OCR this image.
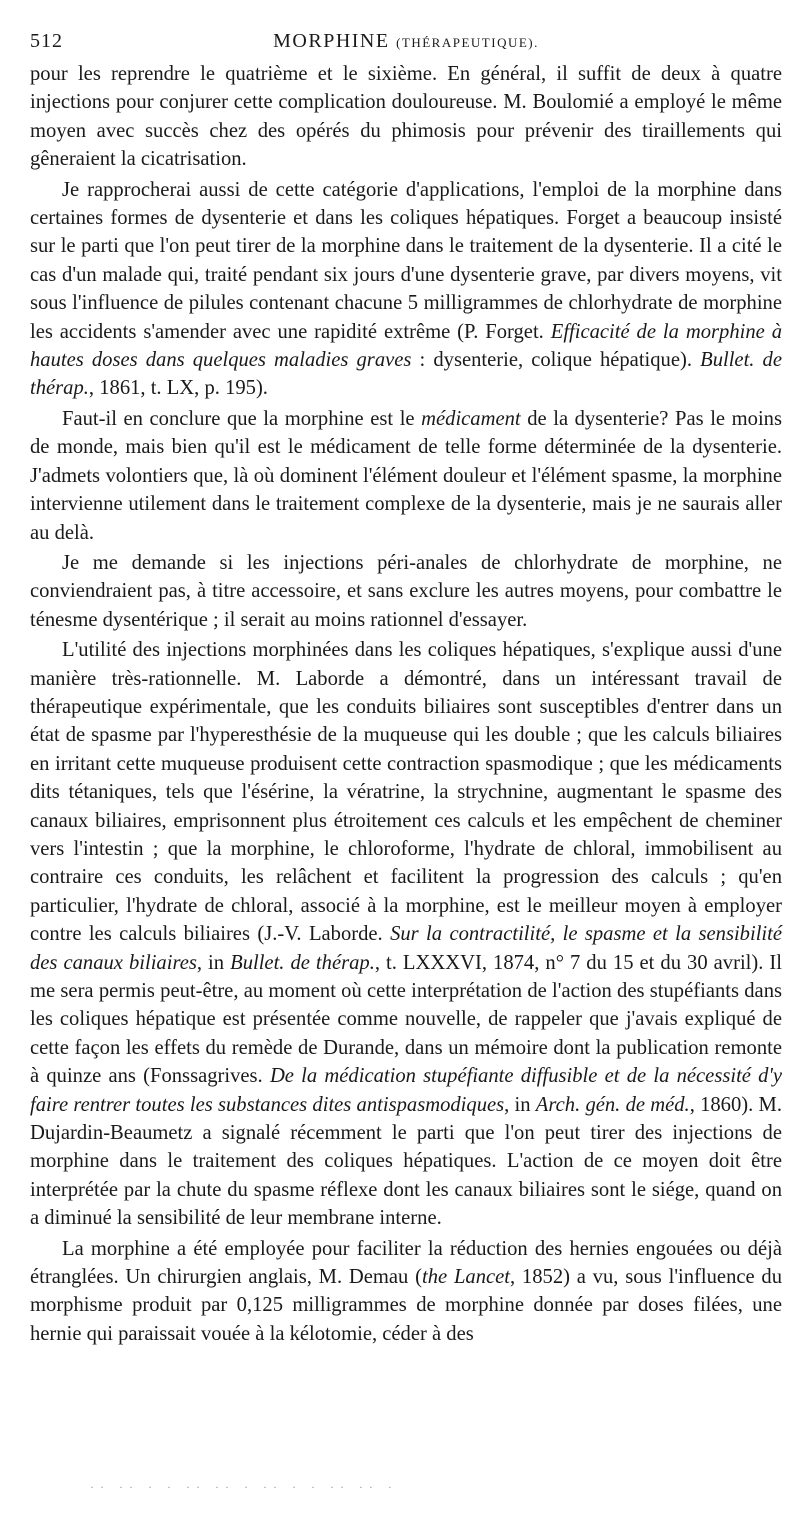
512	MORPHINE (THÉRAPEUTIQUE).

pour les reprendre le quatrième et le sixième. En général, il suffit de deux à quatre injections pour conjurer cette complication douloureuse. M. Boulomié a employé le même moyen avec succès chez des opérés du phimosis pour prévenir des tiraillements qui gêneraient la cicatrisation.

Je rapprocherai aussi de cette catégorie d'applications, l'emploi de la morphine dans certaines formes de dysenterie et dans les coliques hépatiques. Forget a beaucoup insisté sur le parti que l'on peut tirer de la morphine dans le traitement de la dysenterie. Il a cité le cas d'un malade qui, traité pendant six jours d'une dysenterie grave, par divers moyens, vit sous l'influence de pilules contenant chacune 5 milligrammes de chlorhydrate de morphine les accidents s'amender avec une rapidité extrême (P. Forget. Efficacité de la morphine à hautes doses dans quelques maladies graves : dysenterie, colique hépatique). Bullet. de thérap., 1861, t. LX, p. 195).

Faut-il en conclure que la morphine est le médicament de la dysenterie? Pas le moins de monde, mais bien qu'il est le médicament de telle forme déterminée de la dysenterie. J'admets volontiers que, là où dominent l'élément douleur et l'élément spasme, la morphine intervienne utilement dans le traitement complexe de la dysenterie, mais je ne saurais aller au delà.

Je me demande si les injections péri-anales de chlorhydrate de morphine, ne conviendraient pas, à titre accessoire, et sans exclure les autres moyens, pour combattre le ténesme dysentérique ; il serait au moins rationnel d'essayer.

L'utilité des injections morphinées dans les coliques hépatiques, s'explique aussi d'une manière très-rationnelle. M. Laborde a démontré, dans un intéressant travail de thérapeutique expérimentale, que les conduits biliaires sont susceptibles d'entrer dans un état de spasme par l'hyperesthésie de la muqueuse qui les double ; que les calculs biliaires en irritant cette muqueuse produisent cette contraction spasmodique ; que les médicaments dits tétaniques, tels que l'ésérine, la vératrine, la strychnine, augmentant le spasme des canaux biliaires, emprisonnent plus étroitement ces calculs et les empêchent de cheminer vers l'intestin ; que la morphine, le chloroforme, l'hydrate de chloral, immobilisent au contraire ces conduits, les relâchent et facilitent la progression des calculs ; qu'en particulier, l'hydrate de chloral, associé à la morphine, est le meilleur moyen à employer contre les calculs biliaires (J.-V. Laborde. Sur la contractilité, le spasme et la sensibilité des canaux biliaires, in Bullet. de thérap., t. LXXXVI, 1874, n° 7 du 15 et du 30 avril). Il me sera permis peut-être, au moment où cette interprétation de l'action des stupéfiants dans les coliques hépatique est présentée comme nouvelle, de rappeler que j'avais expliqué de cette façon les effets du remède de Durande, dans un mémoire dont la publication remonte à quinze ans (Fonssagrives. De la médication stupéfiante diffusible et de la nécessité d'y faire rentrer toutes les substances dites antispasmodiques, in Arch. gén. de méd., 1860). M. Dujardin-Beaumetz a signalé récemment le parti que l'on peut tirer des injections de morphine dans le traitement des coliques hépatiques. L'action de ce moyen doit être interprétée par la chute du spasme réflexe dont les canaux biliaires sont le siége, quand on a diminué la sensibilité de leur membrane interne.

La morphine a été employée pour faciliter la réduction des hernies engouées ou déjà étranglées. Un chirurgien anglais, M. Demau (the Lancet, 1852) a vu, sous l'influence du morphisme produit par 0,125 milligrammes de morphine donnée par doses filées, une hernie qui paraissait vouée à la kélotomie, céder à des

·· ·· · · ·· ·· · ·· · · ·· ·· ·
